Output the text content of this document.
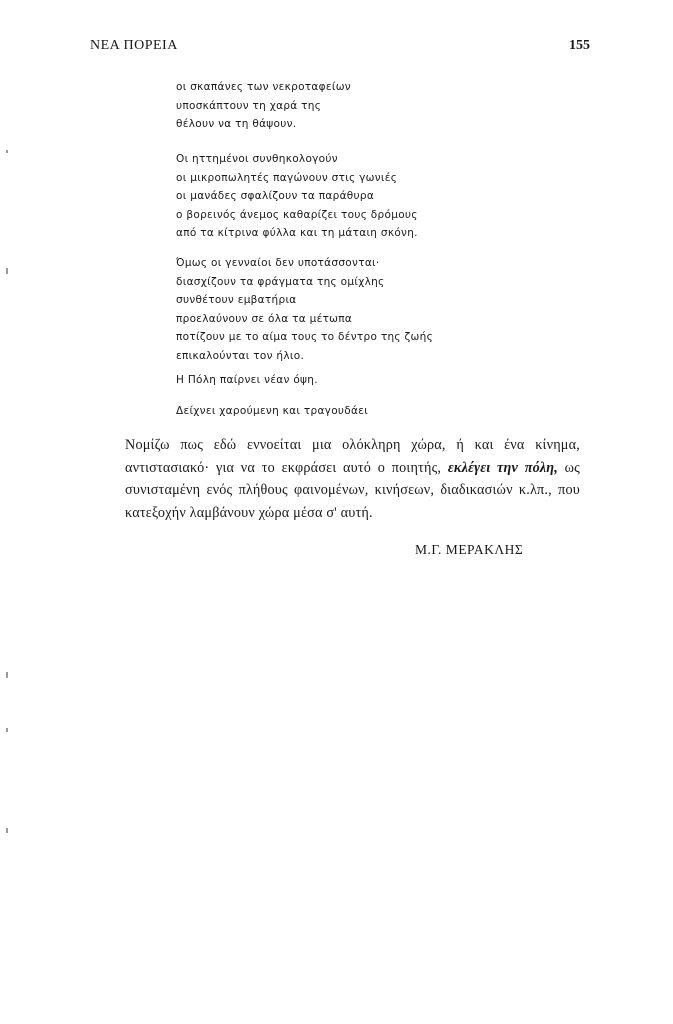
ΝΕΑ ΠΟΡΕΙΑ	155
οι σκαπάνες των νεκροταφείων
υποσκάπτουν τη χαρά της
θέλουν να τη θάψουν.
Οι ηττημένοι συνθηκολογούν
οι μικροπωλητές παγώνουν στις γωνιές
οι μανάδες σφαλίζουν τα παράθυρα
ο βορεινός άνεμος καθαρίζει τους δρόμους
από τα κίτρινα φύλλα και τη μάταιη σκόνη.
Όμως οι γενναίοι δεν υποτάσσονται·
διασχίζουν τα φράγματα της ομίχλης
συνθέτουν εμβατήρια
προελαύνουν σε όλα τα μέτωπα
ποτίζουν με το αίμα τους το δέντρο της ζωής
επικαλούνται τον ήλιο.
Η Πόλη παίρνει νέαν όψη.
Δείχνει χαρούμενη και τραγουδάει

Νομίζω πως εδώ εννοείται μια ολόκληρη χώρα, ή και ένα κίνημα, αντιστασιακό· για να το εκφράσει αυτό ο ποιητής, εκλέγει την πόλη, ως συνισταμένη ενός πλήθους φαινομένων, κινήσεων, διαδικασιών κ.λπ., που κατεξοχήν λαμβάνουν χώρα μέσα σ' αυτή.

Μ.Γ. ΜΕΡΑΚΛΗΣ
